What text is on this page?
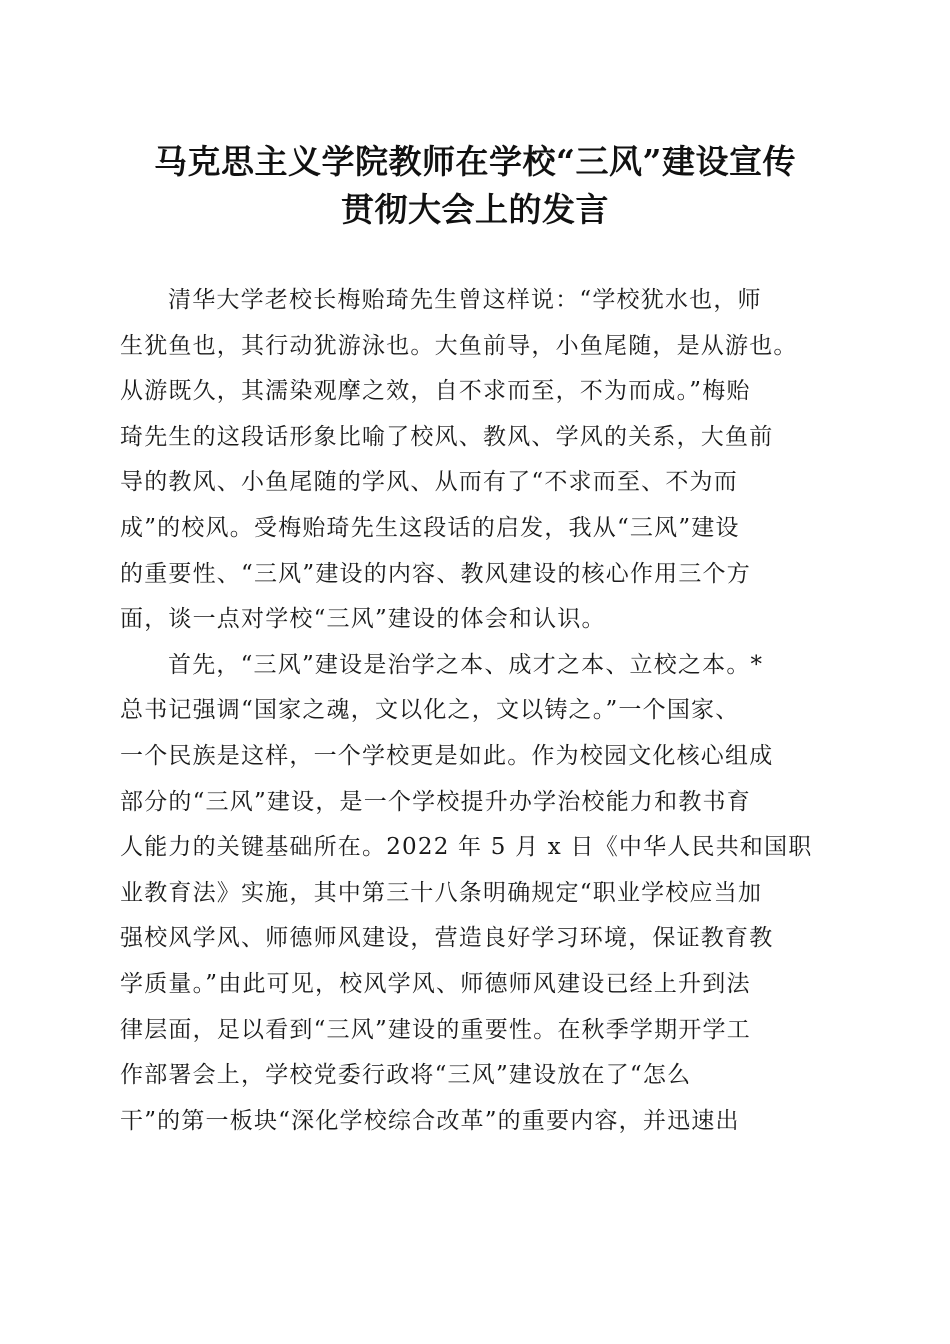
马克思主义学院教师在学校“三风”建设宣传
贯彻大会上的发言
清华大学老校长梅贻琦先生曾这样说：“学校犹水也，师
生犹鱼也，其行动犹游泳也。大鱼前导，小鱼尾随，是从游也。
从游既久，其濡染观摩之效，自不求而至，不为而成。”梅贻
琦先生的这段话形象比喻了校风、教风、学风的关系，大鱼前
导的教风、小鱼尾随的学风、从而有了“不求而至、不为而
成”的校风。受梅贻琦先生这段话的启发，我从“三风”建设
的重要性、“三风”建设的内容、教风建设的核心作用三个方
面，谈一点对学校“三风”建设的体会和认识。
首先，“三风”建设是治学之本、成才之本、立校之本。*
总书记强调“国家之魂，文以化之，文以铸之。”一个国家、
一个民族是这样，一个学校更是如此。作为校园文化核心组成
部分的“三风”建设，是一个学校提升办学治校能力和教书育
人能力的关键基础所在。2022 年 5 月 x 日《中华人民共和国职
业教育法》实施，其中第三十八条明确规定“职业学校应当加
强校风学风、师德师风建设，营造良好学习环境，保证教育教
学质量。”由此可见，校风学风、师德师风建设已经上升到法
律层面，足以看到“三风”建设的重要性。在秋季学期开学工
作部署会上，学校党委行政将“三风”建设放在了“怎么
干”的第一板块“深化学校综合改革”的重要内容，并迅速出
